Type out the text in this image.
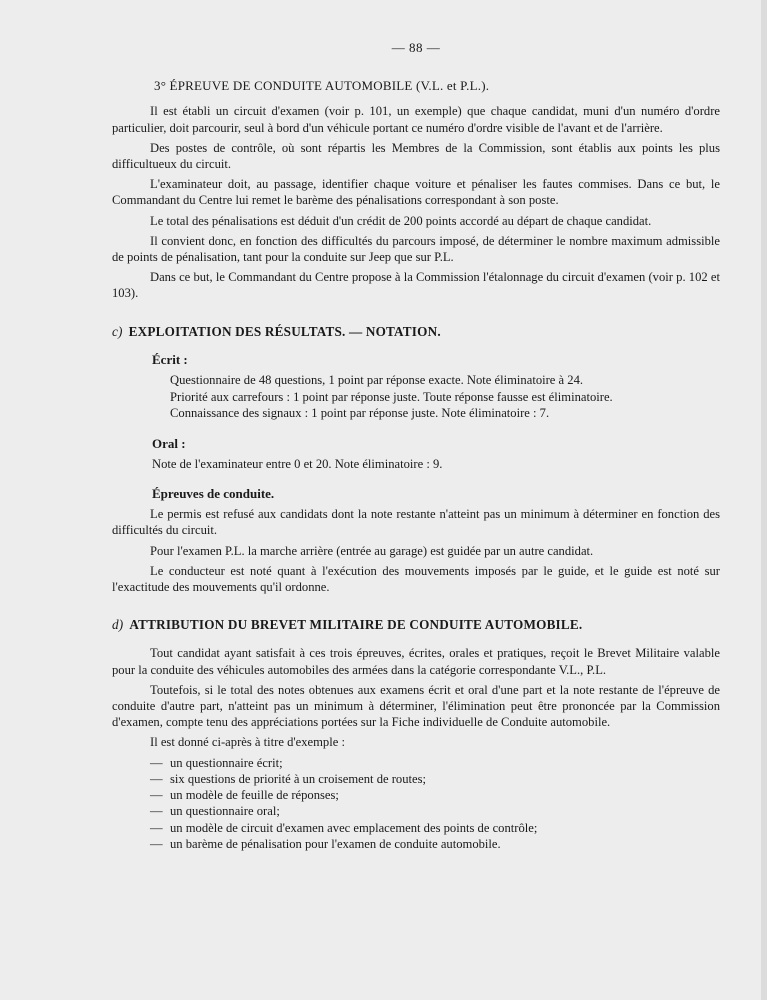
— 88 —
3° ÉPREUVE DE CONDUITE AUTOMOBILE (V.L. et P.L.).

Il est établi un circuit d'examen (voir p. 101, un exemple) que chaque candidat, muni d'un numéro d'ordre particulier, doit parcourir, seul à bord d'un véhicule portant ce numéro d'ordre visible de l'avant et de l'arrière.

Des postes de contrôle, où sont répartis les Membres de la Commission, sont établis aux points les plus difficultueux du circuit.

L'examinateur doit, au passage, identifier chaque voiture et pénaliser les fautes commises. Dans ce but, le Commandant du Centre lui remet le barème des pénalisations correspondant à son poste.

Le total des pénalisations est déduit d'un crédit de 200 points accordé au départ de chaque candidat.

Il convient donc, en fonction des difficultés du parcours imposé, de déterminer le nombre maximum admissible de points de pénalisation, tant pour la conduite sur Jeep que sur P.L.

Dans ce but, le Commandant du Centre propose à la Commission l'étalonnage du circuit d'examen (voir p. 102 et 103).

c) EXPLOITATION DES RÉSULTATS. — NOTATION.
Écrit :
Questionnaire de 48 questions, 1 point par réponse exacte. Note éliminatoire à 24.
Priorité aux carrefours : 1 point par réponse juste. Toute réponse fausse est éliminatoire.
Connaissance des signaux : 1 point par réponse juste. Note éliminatoire : 7.
Oral :
Note de l'examinateur entre 0 et 20. Note éliminatoire : 9.
Épreuves de conduite.

Le permis est refusé aux candidats dont la note restante n'atteint pas un minimum à déterminer en fonction des difficultés du circuit.

Pour l'examen P.L. la marche arrière (entrée au garage) est guidée par un autre candidat.

Le conducteur est noté quant à l'exécution des mouvements imposés par le guide, et le guide est noté sur l'exactitude des mouvements qu'il ordonne.

d) ATTRIBUTION DU BREVET MILITAIRE DE CONDUITE AUTOMOBILE.

Tout candidat ayant satisfait à ces trois épreuves, écrites, orales et pratiques, reçoit le Brevet Militaire valable pour la conduite des véhicules automobiles des armées dans la catégorie correspondante V.L., P.L.

Toutefois, si le total des notes obtenues aux examens écrit et oral d'une part et la note restante de l'épreuve de conduite d'autre part, n'atteint pas un minimum à déterminer, l'élimination peut être prononcée par la Commission d'examen, compte tenu des appréciations portées sur la Fiche individuelle de Conduite automobile.

Il est donné ci-après à titre d'exemple :

— un questionnaire écrit;
— six questions de priorité à un croisement de routes;
— un modèle de feuille de réponses;
— un questionnaire oral;
— un modèle de circuit d'examen avec emplacement des points de contrôle;
— un barème de pénalisation pour l'examen de conduite automobile.
